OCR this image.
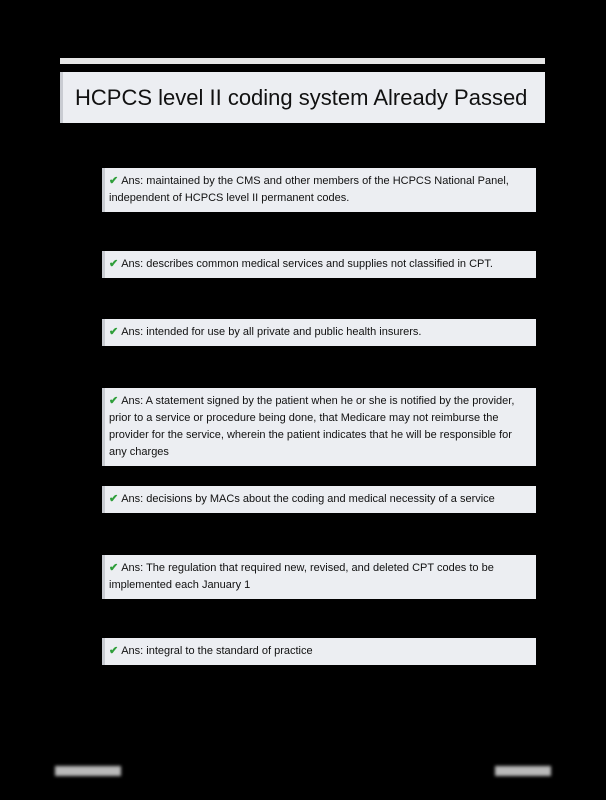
HCPCS level II coding system Already Passed
✔ Ans: maintained by the CMS and other members of the HCPCS National Panel, independent of HCPCS level II permanent codes.
✔ Ans: describes common medical services and supplies not classified in CPT.
✔ Ans: intended for use by all private and public health insurers.
✔ Ans: A statement signed by the patient when he or she is notified by the provider, prior to a service or procedure being done, that Medicare may not reimburse the provider for the service, wherein the patient indicates that he will be responsible for any charges
✔ Ans: decisions by MACs about the coding and medical necessity of a service
✔ Ans: The regulation that required new, revised, and deleted CPT codes to be implemented each January 1
✔ Ans: integral to the standard of practice
